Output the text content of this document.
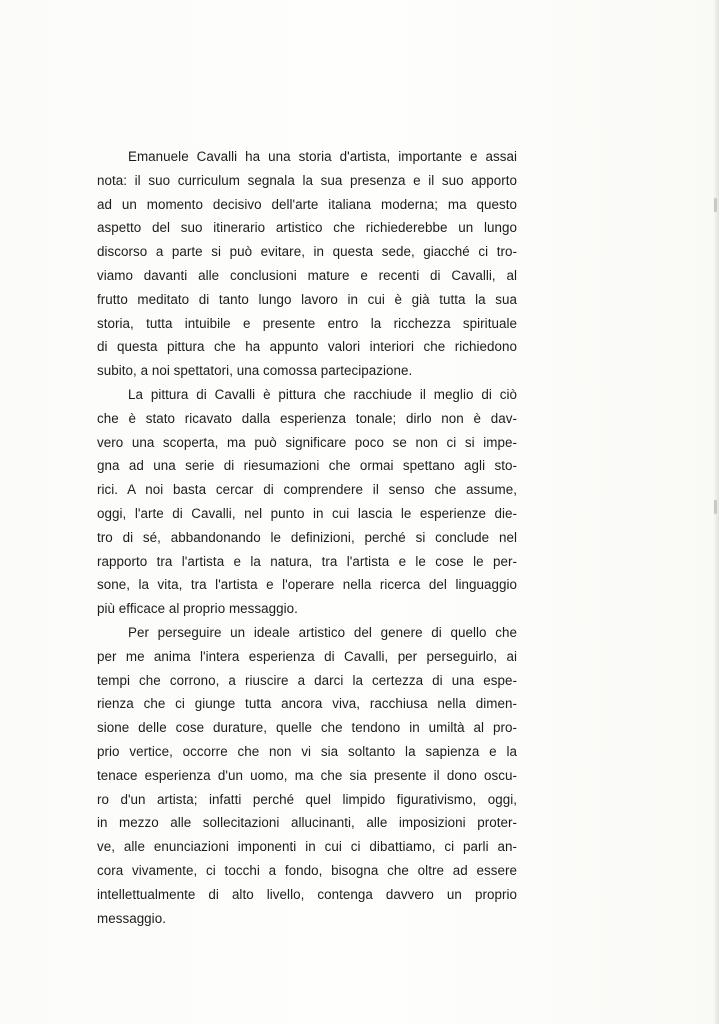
Emanuele Cavalli ha una storia d'artista, importante e assai
nota: il suo curriculum segnala la sua presenza e il suo apporto
ad un momento decisivo dell'arte italiana moderna; ma questo
aspetto del suo itinerario artistico che richiederebbe un lungo
discorso a parte si può evitare, in questa sede, giacché ci tro-
viamo davanti alle conclusioni mature e recenti di Cavalli, al
frutto meditato di tanto lungo lavoro in cui è già tutta la sua
storia, tutta intuibile e presente entro la ricchezza spirituale
di questa pittura che ha appunto valori interiori che richiedono
subito, a noi spettatori, una comossa partecipazione.
La pittura di Cavalli è pittura che racchiude il meglio di ciò
che è stato ricavato dalla esperienza tonale; dirlo non è dav-
vero una scoperta, ma può significare poco se non ci si impe-
gna ad una serie di riesumazioni che ormai spettano agli sto-
rici. A noi basta cercar di comprendere il senso che assume,
oggi, l'arte di Cavalli, nel punto in cui lascia le esperienze die-
tro di sé, abbandonando le definizioni, perché si conclude nel
rapporto tra l'artista e la natura, tra l'artista e le cose le per-
sone, la vita, tra l'artista e l'operare nella ricerca del linguaggio
più efficace al proprio messaggio.
Per perseguire un ideale artistico del genere di quello che
per me anima l'intera esperienza di Cavalli, per perseguirlo, ai
tempi che corrono, a riuscire a darci la certezza di una espe-
rienza che ci giunge tutta ancora viva, racchiusa nella dimen-
sione delle cose durature, quelle che tendono in umiltà al pro-
prio vertice, occorre che non vi sia soltanto la sapienza e la
tenace esperienza d'un uomo, ma che sia presente il dono oscu-
ro d'un artista; infatti perché quel limpido figurativismo, oggi,
in mezzo alle sollecitazioni allucinanti, alle imposizioni proter-
ve, alle enunciazioni imponenti in cui ci dibattiamo, ci parli an-
cora vivamente, ci tocchi a fondo, bisogna che oltre ad essere
intellettualmente di alto livello, contenga davvero un proprio
messaggio.
